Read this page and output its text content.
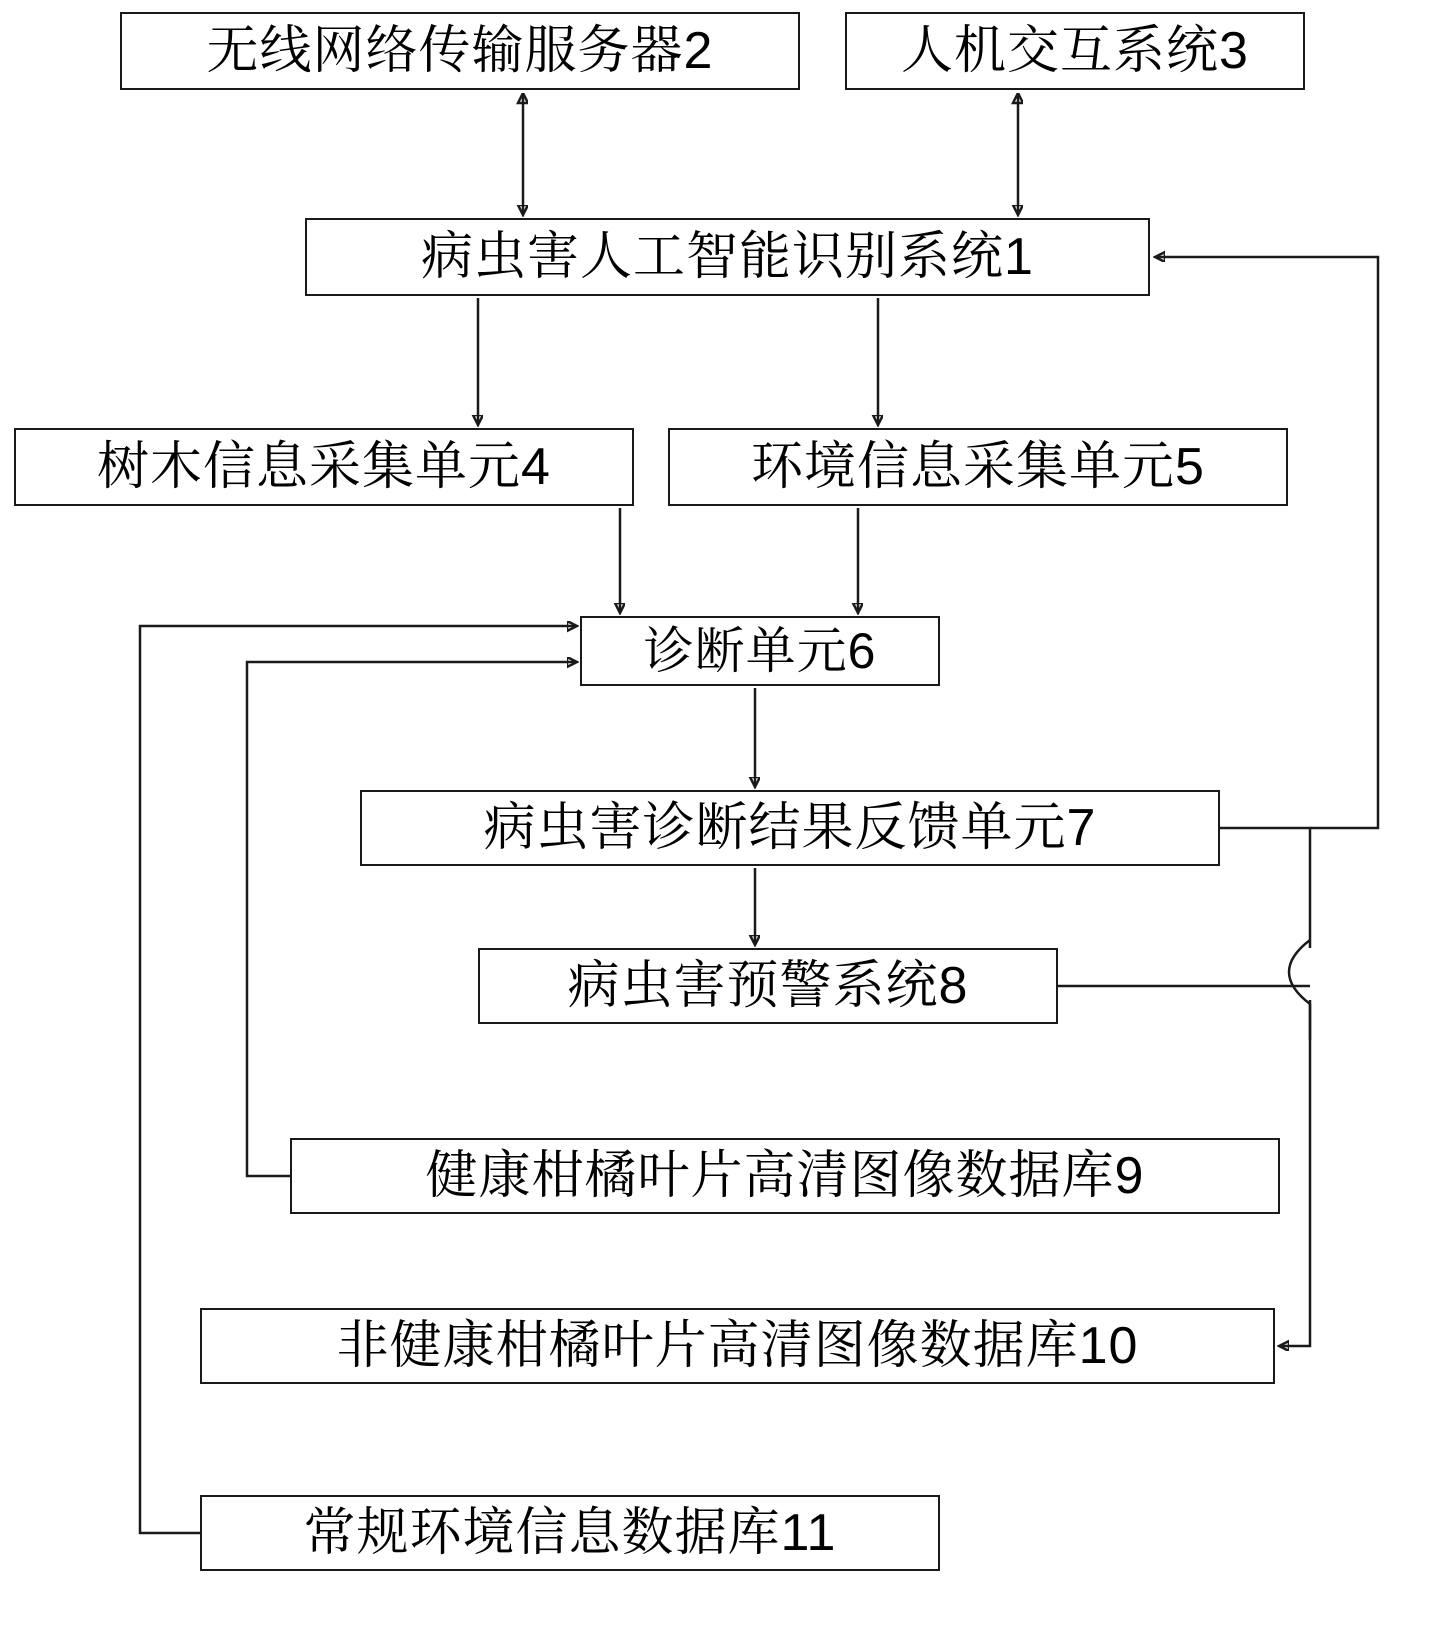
无线网络传输服务器2	人机交互系统3
病虫害人工智能识别系统1
树木信息采集单元4	环境信息采集单元5
诊断单元6
病虫害诊断结果反馈单元7
病虫害预警系统8
健康柑橘叶片高清图像数据库9
非健康柑橘叶片高清图像数据库10
常规环境信息数据库11
